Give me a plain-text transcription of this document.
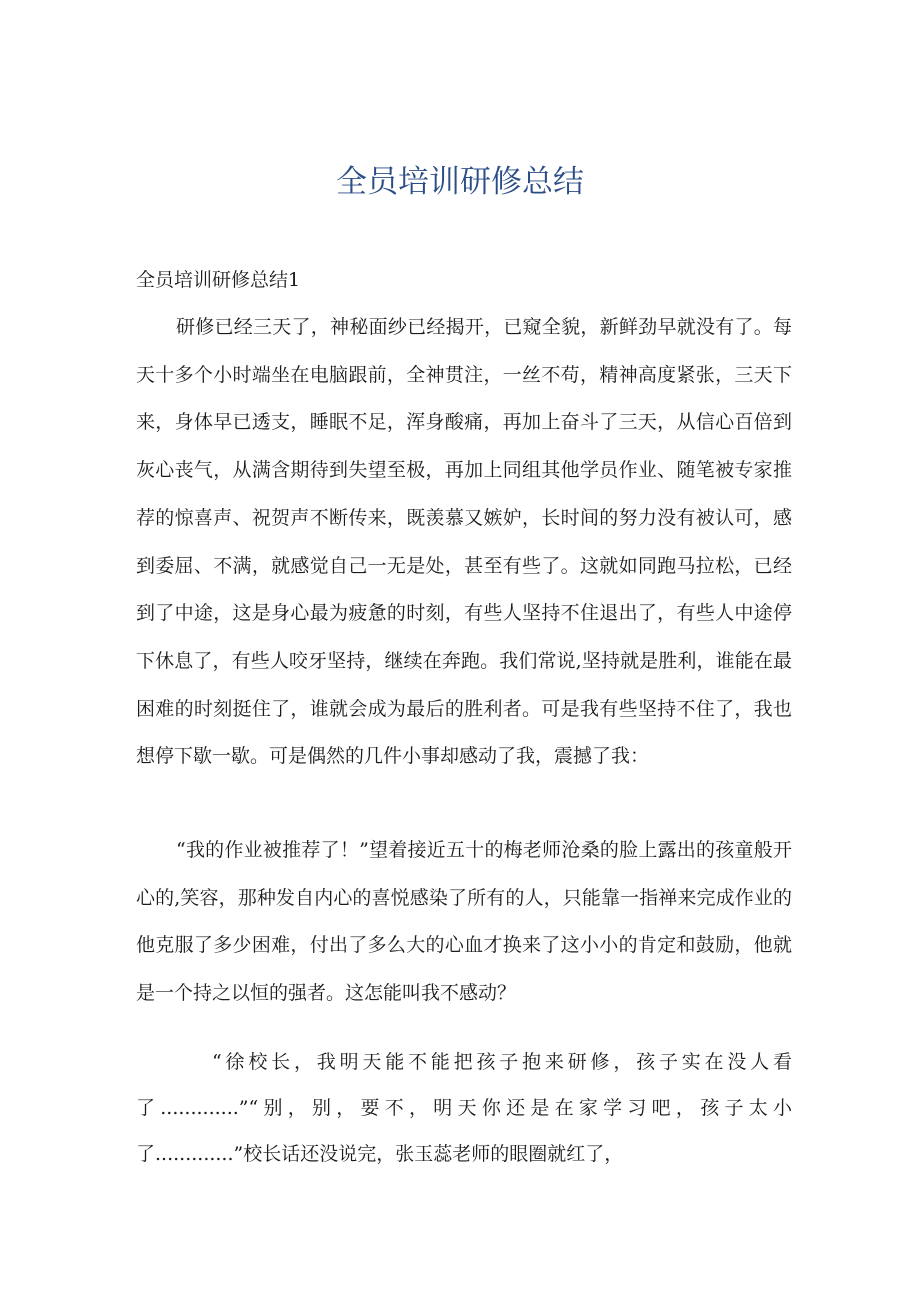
全员培训研修总结

全员培训研修总结1

研修已经三天了，神秘面纱已经揭开，已窥全貌，新鲜劲早就没有了。每天十多个小时端坐在电脑跟前，全神贯注，一丝不苟，精神高度紧张，三天下来，身体早已透支，睡眠不足，浑身酸痛，再加上奋斗了三天，从信心百倍到灰心丧气，从满含期待到失望至极，再加上同组其他学员作业、随笔被专家推荐的惊喜声、祝贺声不断传来，既羡慕又嫉妒，长时间的努力没有被认可，感到委屈、不满，就感觉自己一无是处，甚至有些了。这就如同跑马拉松，已经到了中途，这是身心最为疲惫的时刻，有些人坚持不住退出了，有些人中途停下休息了，有些人咬牙坚持，继续在奔跑。我们常说,坚持就是胜利，谁能在最困难的时刻挺住了，谁就会成为最后的胜利者。可是我有些坚持不住了，我也想停下歇一歇。可是偶然的几件小事却感动了我，震撼了我：

“我的作业被推荐了！”望着接近五十的梅老师沧桑的脸上露出的孩童般开心的,笑容，那种发自内心的喜悦感染了所有的人，只能靠一指禅来完成作业的他克服了多少困难，付出了多么大的心血才换来了这小小的肯定和鼓励，他就是一个持之以恒的强者。这怎能叫我不感动？

“徐校长，我明天能不能把孩子抱来研修，孩子实在没人看了.............”“别，别，要不，明天你还是在家学习吧，孩子太小了.............”校长话还没说完，张玉蕊老师的眼圈就红了，
